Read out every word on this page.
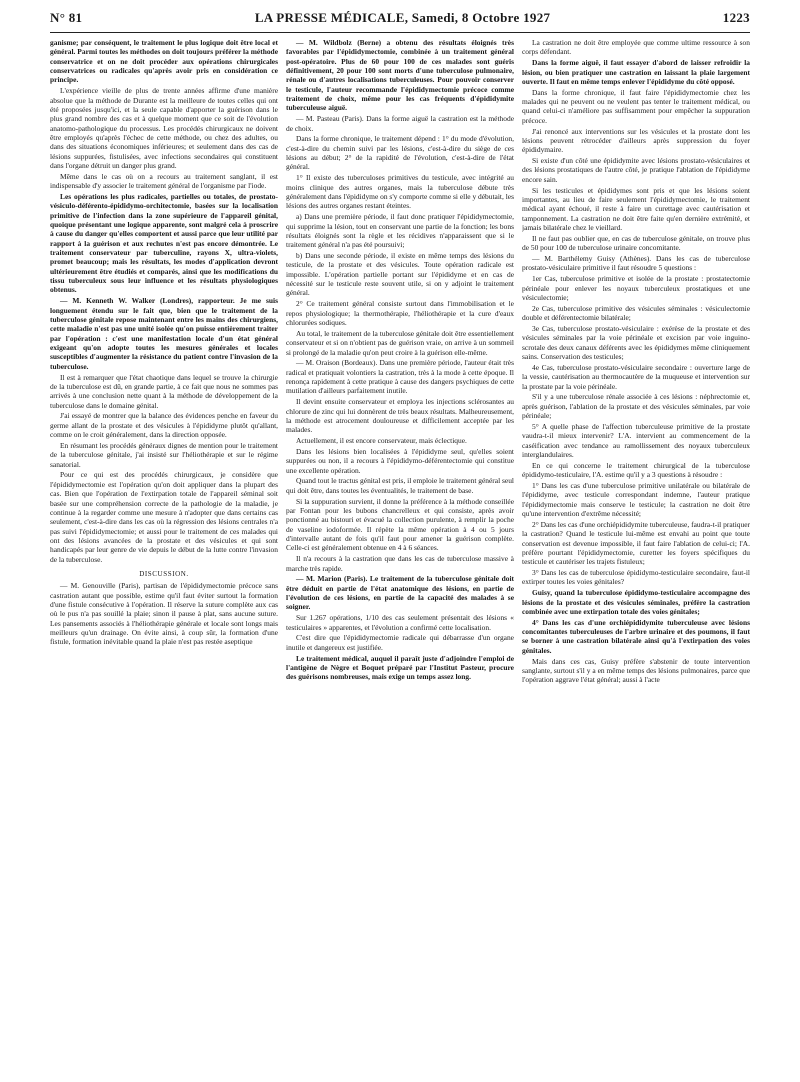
N° 81	LA PRESSE MÉDICALE, Samedi, 8 Octobre 1927	1223

ganisme; par conséquent, le traitement le plus logique doit être local et général. Parmi toutes les méthodes on doit toujours préférer la méthode conservatrice et on ne doit procéder aux opérations chirurgicales conservatrices ou radicales qu'après avoir pris en considération ce principe.

L'expérience vieille de plus de trente années affirme d'une manière absolue que la méthode de Durante est la meilleure de toutes celles qui ont été proposées jusqu'ici, et la seule capable d'apporter la guérison dans le plus grand nombre des cas et à quelque moment que ce soit de l'évolution anatomo-pathologique du processus. Les procédés chirurgicaux ne doivent être employés qu'après l'échec de cette méthode, ou chez des adultes, ou dans des situations économiques inférieures; et seulement dans des cas de lésions suppurées, fistulisées, avec infections secondaires qui constituent dans l'organe détruit un danger plus grand.

Même dans le cas où on a recours au traitement sanglant, il est indispensable d'y associer le traitement général de l'organisme par l'iode.

Les opérations les plus radicales, partielles ou totales, de prostato-vésiculo-déférento-épididymo-orchitectomie, basées sur la localisation primitive de l'infection dans la zone supérieure de l'appareil génital, quoique présentant une logique apparente, sont malgré cela à proscrire à cause du danger qu'elles comportent et aussi parce que leur utilité par rapport à la guérison et aux rechutes n'est pas encore démontrée. Le traitement conservateur par tuberculine, rayons X, ultra-violets, promet beaucoup; mais les résultats, les modes d'application devront ultérieurement être étudiés et comparés, ainsi que les modifications du tissu tuberculeux sous leur influence et les résultats physiologiques obtenus.

— M. Kenneth W. Walker (Londres), rapporteur. Je me suis longuement étendu sur le fait que, bien que le traitement de la tuberculose génitale repose maintenant entre les mains des chirurgiens, cette maladie n'est pas une unité isolée qu'on puisse entièrement traiter par l'opération : c'est une manifestation locale d'un état général exigeant qu'on adopte toutes les mesures générales et locales susceptibles d'augmenter la résistance du patient contre l'invasion de la tuberculose.

Il est à remarquer que l'état chaotique dans lequel se trouve la chirurgie de la tuberculose est dû, en grande partie, à ce fait que nous ne sommes pas arrivés à une conclusion nette quant à la méthode de développement de la tuberculose dans le domaine génital.

J'ai essayé de montrer que la balance des évidences penche en faveur du germe allant de la prostate et des vésicules à l'épididyme plutôt qu'allant, comme on le croit généralement, dans la direction opposée.

En résumant les procédés généraux dignes de mention pour le traitement de la tuberculose génitale, j'ai insisté sur l'héliothérapie et sur le régime sanatorial.

Pour ce qui est des procédés chirurgicaux, je considère que l'épididymectomie est l'opération qu'on doit appliquer dans la plupart des cas. Bien que l'opération de l'extirpation totale de l'appareil séminal soit basée sur une compréhension correcte de la pathologie de la maladie, je continue à la regarder comme une mesure à n'adopter que dans certains cas seulement, c'est-à-dire dans les cas où la régression des lésions centrales n'a pas suivi l'épididymectomie; et aussi pour le traitement de ces malades qui ont des lésions avancées de la prostate et des vésicules et qui sont handicapés par leur genre de vie depuis le début de la lutte contre l'invasion de la tuberculose.

DISCUSSION.

— M. Genouville (Paris), partisan de l'épididymectomie précoce sans castration autant que possible, estime qu'il faut éviter surtout la formation d'une fistule consécutive à l'opération. Il réserve la suture complète aux cas où le pus n'a pas souillé la plaie; sinon il pause à plat, sans aucune suture. Les pansements associés à l'héliothérapie générale et locale sont longs mais meilleurs qu'un drainage. On évite ainsi, à coup sûr, la formation d'une fistule, formation inévitable quand la plaie n'est pas restée aseptique

— M. Wildbolz (Berne) a obtenu des résultats éloignés très favorables par l'épididymectomie, combinée à un traitement général post-opératoire. Plus de 60 pour 100 de ces malades sont guéris définitivement, 20 pour 100 sont morts d'une tuberculose pulmonaire, rénale ou d'autres localisations tuberculeuses. Pour pouvoir conserver le testicule, l'auteur recommande l'épididymectomie précoce comme traitement de choix, même pour les cas fréquents d'épididymite tuberculeuse aiguë.

— M. Pasteau (Paris). Dans la forme aiguë la castration est la méthode de choix.

Dans la forme chronique, le traitement dépend : 1° du mode d'évolution, c'est-à-dire du chemin suivi par les lésions, c'est-à-dire du siège de ces lésions au début; 2° de la rapidité de l'évolution, c'est-à-dire de l'état général.

1° Il existe des tuberculoses primitives du testicule, avec intégrité au moins clinique des autres organes, mais la tuberculose débute très généralement dans l'épididyme on s'y comporte comme si elle y débutait, les lésions des autres organes restant éteintes.

a) Dans une première période, il faut donc pratiquer l'épididymectomie, qui supprime la lésion, tout en conservant une partie de la fonction; les bons résultats éloignés sont la règle et les récidives n'apparaissent que si le traitement général n'a pas été poursuivi;

b) Dans une seconde période, il existe en même temps des lésions du testicule, de la prostate et des vésicules. Toute opération radicale est impossible. L'opération partielle portant sur l'épididyme et en cas de nécessité sur le testicule reste souvent utile, si on y adjoint le traitement général.

2° Ce traitement général consiste surtout dans l'immobilisation et le repos physiologique; la thermothérapie, l'héliothérapie et la cure d'eaux chlorurées sodiques.

Au total, le traitement de la tuberculose génitale doit être essentiellement conservateur et si on n'obtient pas de guérison vraie, on arrive à un sommeil si prolongé de la maladie qu'on peut croire à la guérison elle-même.

— M. Oraison (Bordeaux). Dans une première période, l'auteur était très radical et pratiquait volontiers la castration, très à la mode à cette époque. Il renonça rapidement à cette pratique à cause des dangers psychiques de cette mutilation d'ailleurs parfaitement inutile.

Il devint ensuite conservateur et employa les injections sclérosantes au chlorure de zinc qui lui donnèrent de très beaux résultats. Malheureusement, la méthode est atrocement douloureuse et difficilement acceptée par les malades.

Actuellement, il est encore conservateur, mais éclectique.

Dans les lésions bien localisées à l'épididyme seul, qu'elles soient suppurées ou non, il a recours à l'épididymo-déférentectomie qui constitue une excellente opération.

Quand tout le tractus génital est pris, il emploie le traitement général seul qui doit être, dans toutes les éventualités, le traitement de base.

Si la suppuration survient, il donne la préférence à la méthode conseillée par Fontan pour les bubons chancrelleux et qui consiste, après avoir ponctionné au bistouri et évacué la collection purulente, à remplir la poche de vaseline iodoformée. Il répète la même opération à 4 ou 5 jours d'intervalle autant de fois qu'il faut pour amener la guérison complète. Celle-ci est généralement obtenue en 4 à 6 séances.

Il n'a recours à la castration que dans les cas de tuberculose massive à marche très rapide.

— M. Marion (Paris). Le traitement de la tuberculose génitale doit être déduit en partie de l'état anatomique des lésions, en partie de l'évolution de ces lésions, en partie de la capacité des malades à se soigner.

Sur 1.267 opérations, 1/10 des cas seulement présentait des lésions « testiculaires » apparentes, et l'évolution a confirmé cette localisation.

C'est dire que l'épididymectomie radicale qui débarrasse d'un organe inutile et dangereux est justifiée.

Le traitement médical, auquel il paraît juste d'adjoindre l'emploi de l'antigène de Nègre et Boquet préparé par l'Institut Pasteur, procure des guérisons nombreuses, mais exige un temps assez long.

La castration ne doit être employée que comme ultime ressource à son corps défendant.

Dans la forme aiguë, il faut essayer d'abord de laisser refroidir la lésion, ou bien pratiquer une castration en laissant la plaie largement ouverte. Il faut en même temps enlever l'épididyme du côté opposé.

Dans la forme chronique, il faut faire l'épididymectomie chez les malades qui ne peuvent ou ne veulent pas tenter le traitement médical, ou quand celui-ci n'améliore pas suffisamment pour empêcher la suppuration précoce.

J'ai renoncé aux interventions sur les vésicules et la prostate dont les lésions peuvent rétrocéder d'ailleurs après suppression du foyer épididymaire.

Si existe d'un côté une épididymite avec lésions prostato-vésiculaires et des lésions prostatiques de l'autre côté, je pratique l'ablation de l'épididyme encore sain.

Si les testicules et épididymes sont pris et que les lésions soient importantes, au lieu de faire seulement l'épididymectomie, le traitement médical ayant échoué, il reste à faire un curettage avec cautérisation et tamponnement. La castration ne doit être faite qu'en dernière extrémité, et jamais bilatérale chez le vieillard.

Il ne faut pas oublier que, en cas de tuberculose génitale, on trouve plus de 50 pour 100 de tuberculose urinaire concomitante.

— M. Barthélemy Guisy (Athènes). Dans les cas de tuberculose prostato-vésiculaire primitive il faut résoudre 5 questions :

1er Cas, tuberculose primitive et isolée de la prostate : prostatectomie périnéale pour enlever les noyaux tuberculeux prostatiques et une vésiculectomie;

2e Cas, tuberculose primitive des vésicules séminales : vésiculectomie double et déférentectomie bilatérale;

3e Cas, tuberculose prostato-vésiculaire : exérèse de la prostate et des vésicules séminales par la voie périnéale et excision par voie inguino-scrotale des deux canaux déférents avec les épididymes même cliniquement sains. Conservation des testicules;

4e Cas, tuberculose prostato-vésiculaire secondaire : ouverture large de la vessie, cautérisation au thermocautère de la muqueuse et intervention sur la prostate par la voie périnéale.

S'il y a une tuberculose rénale associée à ces lésions : néphrectomie et, après guérison, l'ablation de la prostate et des vésicules séminales, par voie périnéale;

5° A quelle phase de l'affection tuberculeuse primitive de la prostate vaudra-t-il mieux intervenir? L'A. intervient au commencement de la caséification avec tendance au ramollissement des noyaux tuberculeux interglandulaires.

En ce qui concerne le traitement chirurgical de la tuberculose épididymo-testiculaire, l'A. estime qu'il y a 3 questions à résoudre :

1° Dans les cas d'une tuberculose primitive unilatérale ou bilatérale de l'épididyme, avec testicule correspondant indemne, l'auteur pratique l'épididymectomie mais conserve le testicule; la castration ne doit être qu'une intervention d'extrême nécessité;

2° Dans les cas d'une orchiépididymite tuberculeuse, faudra-t-il pratiquer la castration? Quand le testicule lui-même est envahi au point que toute conservation est devenue impossible, il faut faire l'ablation de celui-ci; l'A. préfère pourtant l'épididymectomie, curetter les foyers spécifiques du testicule et cautériser les trajets fistuleux;

3° Dans les cas de tuberculose épididymo-testiculaire secondaire, faut-il extirper toutes les voies génitales?

Guisy, quand la tuberculose épididymo-testiculaire accompagne des lésions de la prostate et des vésicules séminales, préfère la castration combinée avec une extirpation totale des voies génitales;

4° Dans les cas d'une orchiépididymite tuberculeuse avec lésions concomitantes tuberculeuses de l'arbre urinaire et des poumons, il faut se borner à une castration bilatérale ainsi qu'à l'extirpation des voies génitales.

Mais dans ces cas, Guisy préfère s'abstenir de toute intervention sanglante, surtout s'il y a en même temps des lésions pulmonaires, parce que l'opération aggrave l'état général; aussi à l'acte
